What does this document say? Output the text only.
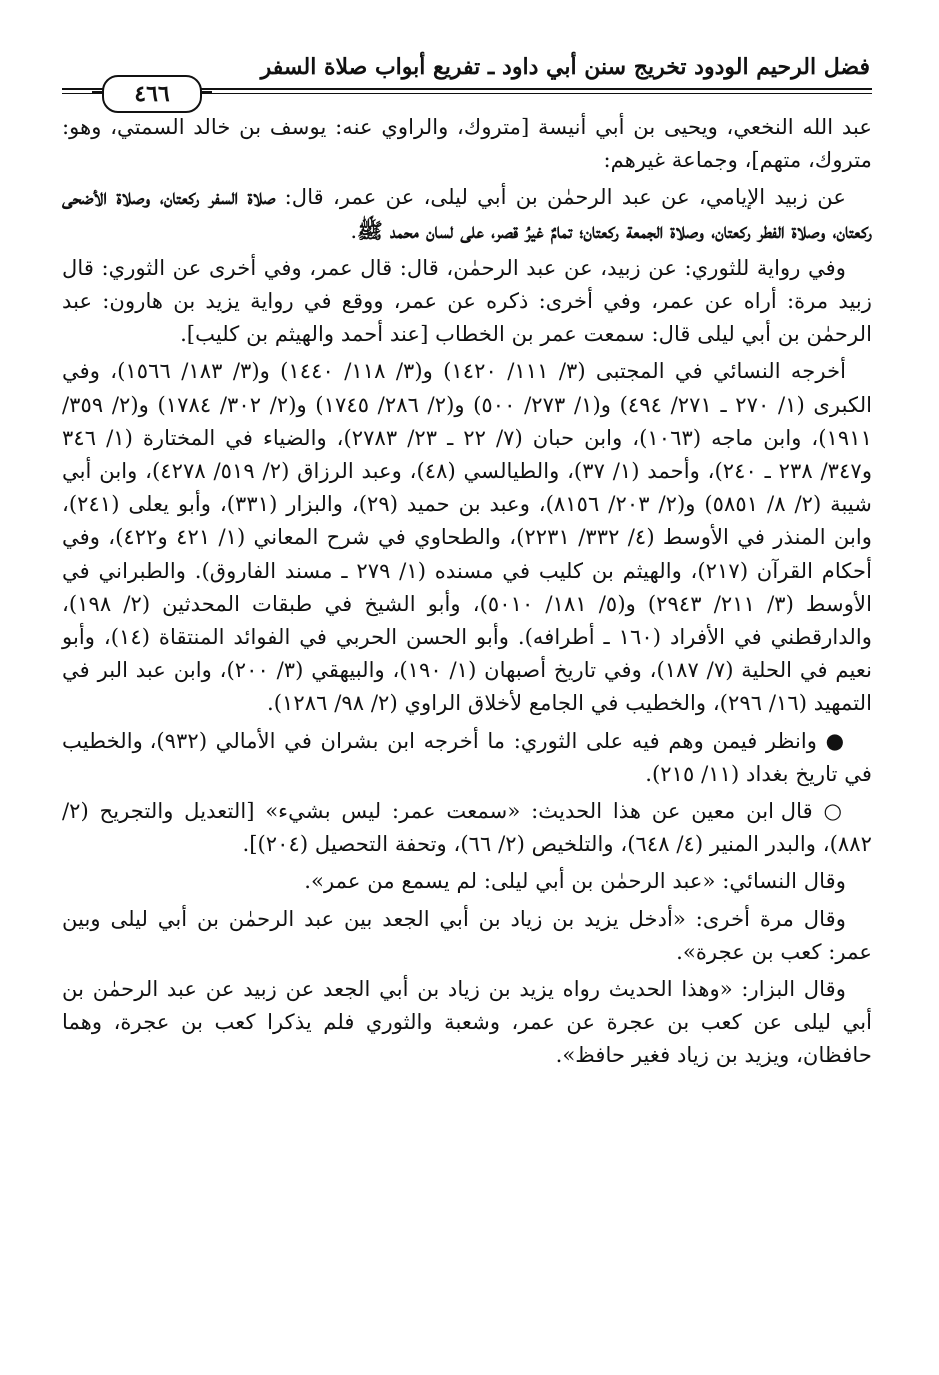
فضل الرحيم الودود تخريج سنن أبي داود ـ تفريع أبواب صلاة السفر
٤٦٦

عبد الله النخعي، ويحيى بن أبي أنيسة [متروك، والراوي عنه: يوسف بن خالد السمتي، وهو: متروك، متهم]، وجماعة غيرهم:

عن زبيد الإيامي، عن عبد الرحمٰن بن أبي ليلى، عن عمر، قال: صلاة السفر ركعتان، وصلاة الأضحى ركعتان، وصلاة الفطر ركعتان، وصلاة الجمعة ركعتان؛ تمامٌ غيرُ قصر، على لسان محمد ﷺ.

وفي رواية للثوري: عن زبيد، عن عبد الرحمٰن، قال: قال عمر، وفي أخرى عن الثوري: قال زبيد مرة: أراه عن عمر، وفي أخرى: ذكره عن عمر، ووقع في رواية يزيد بن هارون: عبد الرحمٰن بن أبي ليلى قال: سمعت عمر بن الخطاب [عند أحمد والهيثم بن كليب].

أخرجه النسائي في المجتبى (٣/ ١١١/ ١٤٢٠) و(٣/ ١١٨/ ١٤٤٠) و(٣/ ١٨٣/ ١٥٦٦)، وفي الكبرى (١/ ٢٧٠ ـ ٢٧١/ ٤٩٤) و(١/ ٢٧٣/ ٥٠٠) و(٢/ ٢٨٦/ ١٧٤٥) و(٢/ ٣٠٢/ ١٧٨٤) و(٢/ ٣٥٩/ ١٩١١)، وابن ماجه (١٠٦٣)، وابن حبان (٧/ ٢٢ ـ ٢٣/ ٢٧٨٣)، والضياء في المختارة (١/ ٣٤٦ و٣٤٧/ ٢٣٨ ـ ٢٤٠)، وأحمد (١/ ٣٧)، والطيالسي (٤٨)، وعبد الرزاق (٢/ ٥١٩/ ٤٢٧٨)، وابن أبي شيبة (٢/ ٨/ ٥٨٥١) و(٢/ ٢٠٣/ ٨١٥٦)، وعبد بن حميد (٢٩)، والبزار (٣٣١)، وأبو يعلى (٢٤١)، وابن المنذر في الأوسط (٤/ ٣٣٢/ ٢٢٣١)، والطحاوي في شرح المعاني (١/ ٤٢١ و٤٢٢)، وفي أحكام القرآن (٢١٧)، والهيثم بن كليب في مسنده (١/ ٢٧٩ ـ مسند الفاروق). والطبراني في الأوسط (٣/ ٢١١/ ٢٩٤٣) و(٥/ ١٨١/ ٥٠١٠)، وأبو الشيخ في طبقات المحدثين (٢/ ١٩٨)، والدارقطني في الأفراد (١٦٠ ـ أطرافه). وأبو الحسن الحربي في الفوائد المنتقاة (١٤)، وأبو نعيم في الحلية (٧/ ١٨٧)، وفي تاريخ أصبهان (١/ ١٩٠)، والبيهقي (٣/ ٢٠٠)، وابن عبد البر في التمهيد (١٦/ ٢٩٦)، والخطيب في الجامع لأخلاق الراوي (٢/ ٩٨/ ١٢٨٦).

● وانظر فيمن وهم فيه على الثوري: ما أخرجه ابن بشران في الأمالي (٩٣٢)، والخطيب في تاريخ بغداد (١١/ ٢١٥).

○ قال ابن معين عن هذا الحديث: «سمعت عمر: ليس بشيء» [التعديل والتجريح (٢/ ٨٨٢)، والبدر المنير (٤/ ٦٤٨)، والتلخيص (٢/ ٦٦)، وتحفة التحصيل (٢٠٤)].

وقال النسائي: «عبد الرحمٰن بن أبي ليلى: لم يسمع من عمر».

وقال مرة أخرى: «أدخل يزيد بن زياد بن أبي الجعد بين عبد الرحمٰن بن أبي ليلى وبين عمر: كعب بن عجرة».

وقال البزار: «وهذا الحديث رواه يزيد بن زياد بن أبي الجعد عن زبيد عن عبد الرحمٰن بن أبي ليلى عن كعب بن عجرة عن عمر، وشعبة والثوري فلم يذكرا كعب بن عجرة، وهما حافظان، ويزيد بن زياد فغير حافظ».
